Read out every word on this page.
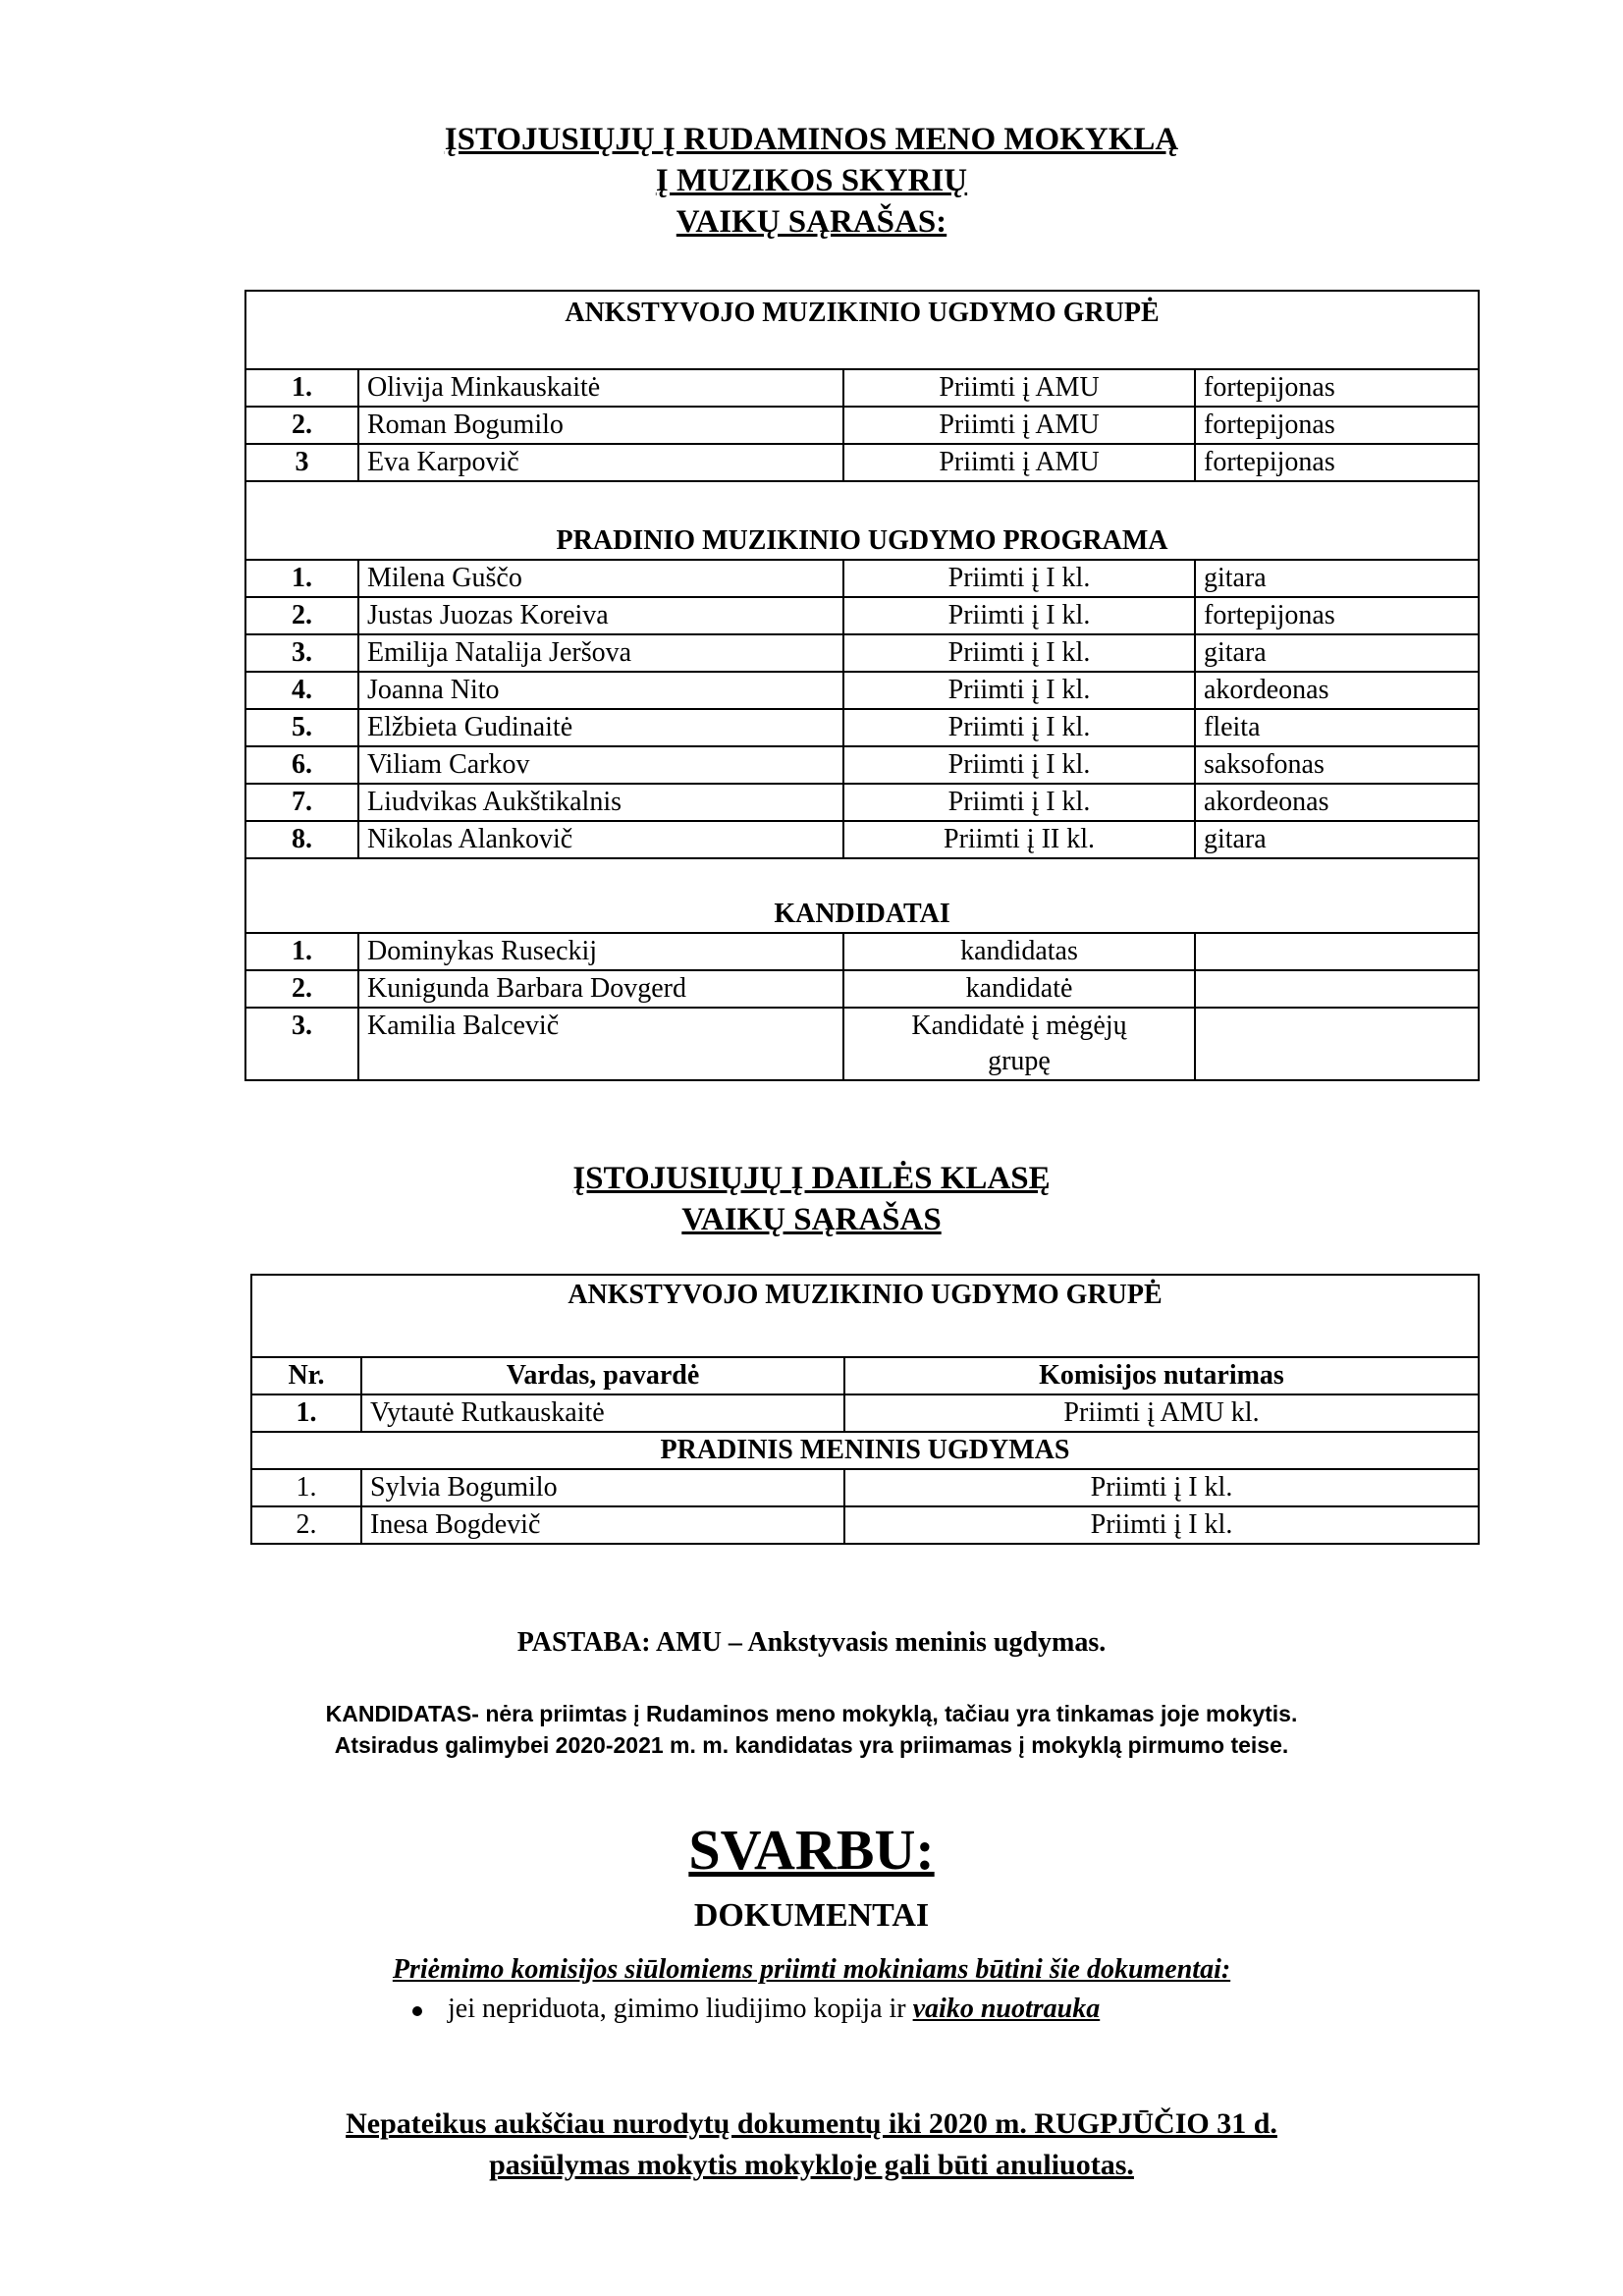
ĮSTOJUSIŲJŲ Į RUDAMINOS MENO MOKYKLĄ
Į MUZIKOS SKYRIŲ
VAIKŲ SĄRAŠAS:
ANKSTYVOJO MUZIKINIO UGDYMO GRUPĖ			
1.	Olivija Minkauskaitė	Priimti į AMU	fortepijonas
2.	Roman Bogumilo	Priimti į AMU	fortepijonas
3	Eva Karpovič	Priimti į AMU	fortepijonas
PRADINIO MUZIKINIO UGDYMO PROGRAMA			
1.	Milena Guščo	Priimti į I kl.	gitara
2.	Justas Juozas Koreiva	Priimti į I kl.	fortepijonas
3.	Emilija Natalija Jeršova	Priimti į I kl.	gitara
4.	Joanna Nito	Priimti į I kl.	akordeonas
5.	Elžbieta Gudinaitė	Priimti į I kl.	fleita
6.	Viliam Carkov	Priimti į I kl.	saksofonas
7.	Liudvikas Aukštikalnis	Priimti į I kl.	akordeonas
8.	Nikolas Alankovič	Priimti į II kl.	gitara
KANDIDATAI			
1.	Dominykas Ruseckij	kandidatas	
2.	Kunigunda Barbara Dovgerd	kandidatė	
3.	Kamilia Balcevič	Kandidatė į mėgėjų
grupę	

ĮSTOJUSIŲJŲ Į DAILĖS KLASĘ
VAIKŲ SĄRAŠAS
ANKSTYVOJO MUZIKINIO UGDYMO GRUPĖ		
Nr.	Vardas, pavardė	Komisijos nutarimas
1.	Vytautė Rutkauskaitė	Priimti į AMU kl.
PRADINIS MENINIS UGDYMAS		
1.	Sylvia Bogumilo	Priimti į I kl.
2.	Inesa Bogdevič	Priimti į I kl.
PASTABA: AMU – Ankstyvasis meninis ugdymas.
KANDIDATAS- nėra priimtas į Rudaminos meno mokyklą, tačiau yra tinkamas joje mokytis.
Atsiradus galimybei 2020-2021 m. m. kandidatas yra priimamas į mokyklą pirmumo teise.
SVARBU:
DOKUMENTAI
Priėmimo komisijos siūlomiems priimti mokiniams būtini šie dokumentai:
jei nepriduota, gimimo liudijimo kopija ir vaiko nuotrauka
Nepateikus aukščiau nurodytų dokumentų iki 2020 m. RUGPJŪČIO 31 d.
pasiūlymas mokytis mokykloje gali būti anuliuotas.
